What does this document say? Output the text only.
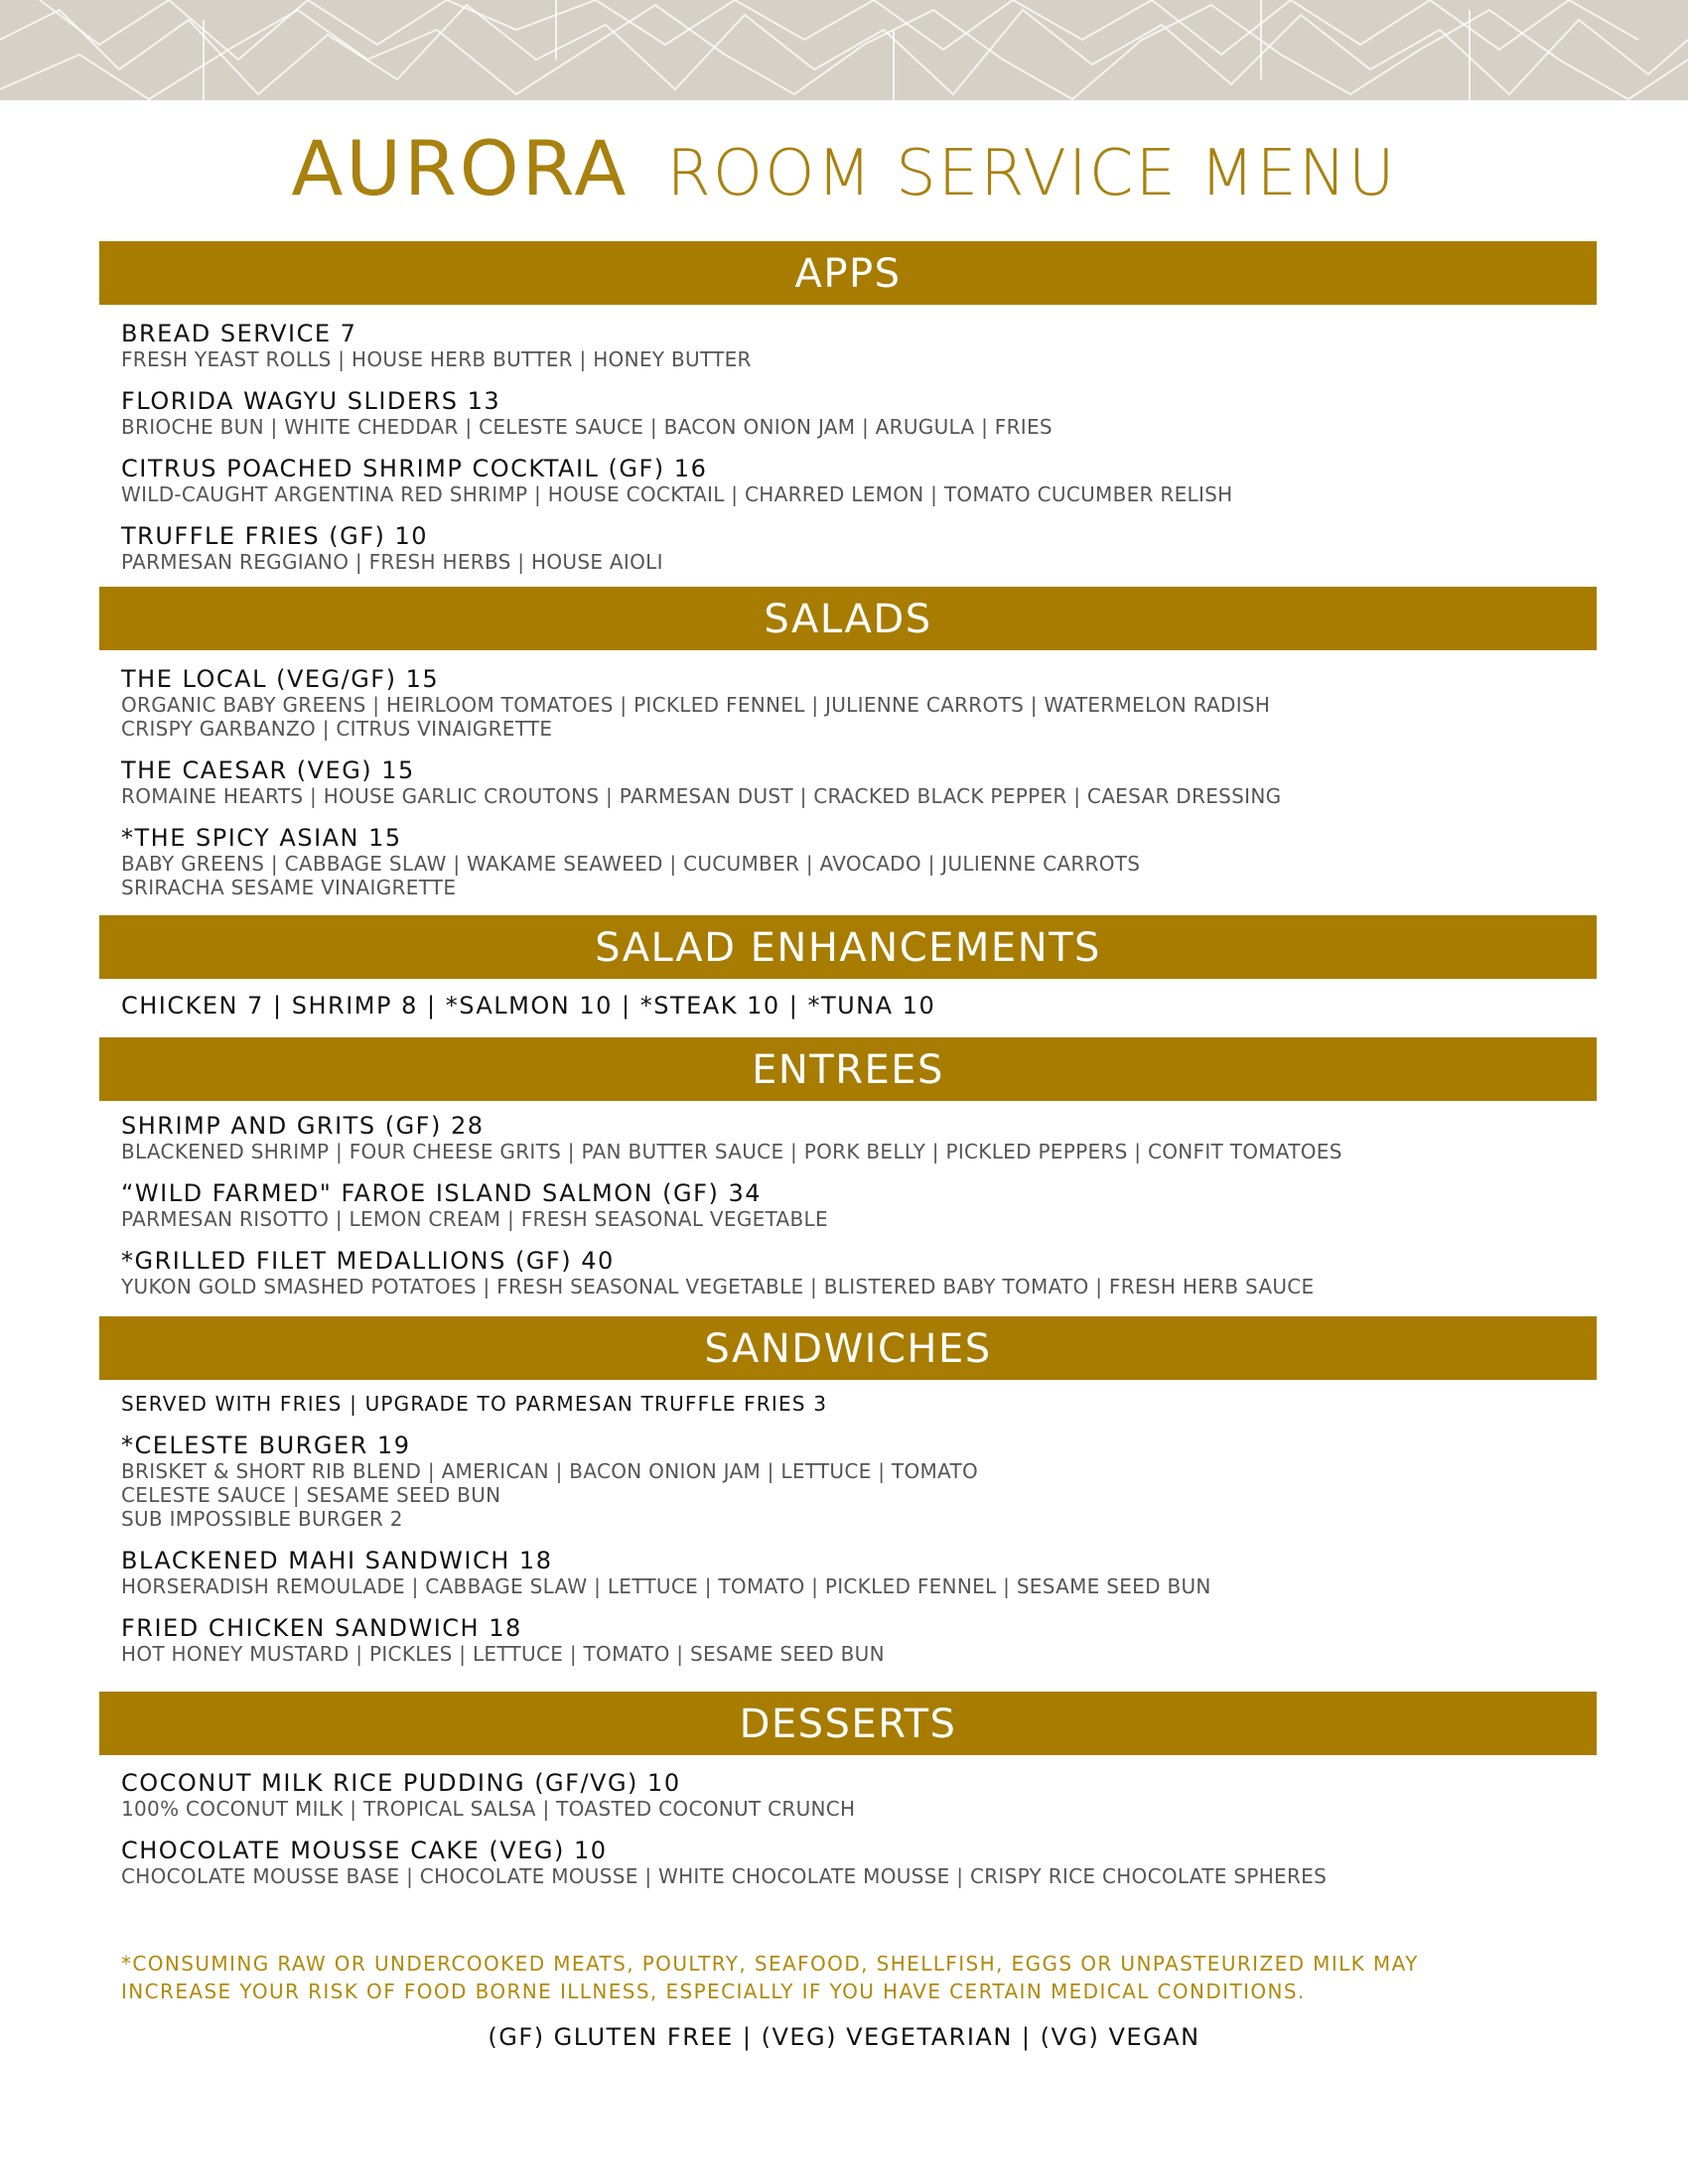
AURORA ROOM SERVICE MENU
APPS
BREAD SERVICE 7
FRESH YEAST ROLLS | HOUSE HERB BUTTER | HONEY BUTTER
FLORIDA WAGYU SLIDERS 13
BRIOCHE BUN | WHITE CHEDDAR | CELESTE SAUCE | BACON ONION JAM | ARUGULA | FRIES
CITRUS POACHED SHRIMP COCKTAIL (GF) 16
WILD-CAUGHT ARGENTINA RED SHRIMP | HOUSE COCKTAIL | CHARRED LEMON | TOMATO CUCUMBER RELISH
TRUFFLE FRIES (GF) 10
PARMESAN REGGIANO | FRESH HERBS | HOUSE AIOLI
SALADS
THE LOCAL (VEG/GF) 15
ORGANIC BABY GREENS | HEIRLOOM TOMATOES | PICKLED FENNEL | JULIENNE CARROTS | WATERMELON RADISH
CRISPY GARBANZO | CITRUS VINAIGRETTE
THE CAESAR (VEG) 15
ROMAINE HEARTS | HOUSE GARLIC CROUTONS | PARMESAN DUST | CRACKED BLACK PEPPER | CAESAR DRESSING
*THE SPICY ASIAN 15
BABY GREENS | CABBAGE SLAW | WAKAME SEAWEED | CUCUMBER | AVOCADO | JULIENNE CARROTS
SRIRACHA SESAME VINAIGRETTE
SALAD ENHANCEMENTS
CHICKEN 7 | SHRIMP 8 | *SALMON 10 | *STEAK 10 | *TUNA 10
ENTREES
SHRIMP AND GRITS (GF) 28
BLACKENED SHRIMP | FOUR CHEESE GRITS | PAN BUTTER SAUCE | PORK BELLY | PICKLED PEPPERS | CONFIT TOMATOES
“WILD FARMED" FAROE ISLAND SALMON (GF) 34
PARMESAN RISOTTO | LEMON CREAM | FRESH SEASONAL VEGETABLE
*GRILLED FILET MEDALLIONS (GF) 40
YUKON GOLD SMASHED POTATOES | FRESH SEASONAL VEGETABLE | BLISTERED BABY TOMATO | FRESH HERB SAUCE
SANDWICHES
SERVED WITH FRIES | UPGRADE TO PARMESAN TRUFFLE FRIES 3
*CELESTE BURGER 19
BRISKET & SHORT RIB BLEND | AMERICAN | BACON ONION JAM | LETTUCE | TOMATO
CELESTE SAUCE | SESAME SEED BUN
SUB IMPOSSIBLE BURGER 2
BLACKENED MAHI SANDWICH 18
HORSERADISH REMOULADE | CABBAGE SLAW | LETTUCE | TOMATO | PICKLED FENNEL | SESAME SEED BUN
FRIED CHICKEN SANDWICH 18
HOT HONEY MUSTARD | PICKLES | LETTUCE | TOMATO | SESAME SEED BUN
DESSERTS
COCONUT MILK RICE PUDDING (GF/VG) 10
100% COCONUT MILK | TROPICAL SALSA | TOASTED COCONUT CRUNCH
CHOCOLATE MOUSSE CAKE (VEG) 10
CHOCOLATE MOUSSE BASE | CHOCOLATE MOUSSE | WHITE CHOCOLATE MOUSSE | CRISPY RICE CHOCOLATE SPHERES
*CONSUMING RAW OR UNDERCOOKED MEATS, POULTRY, SEAFOOD, SHELLFISH, EGGS OR UNPASTEURIZED MILK MAY
INCREASE YOUR RISK OF FOOD BORNE ILLNESS, ESPECIALLY IF YOU HAVE CERTAIN MEDICAL CONDITIONS.
(GF) GLUTEN FREE | (VEG) VEGETARIAN | (VG) VEGAN
